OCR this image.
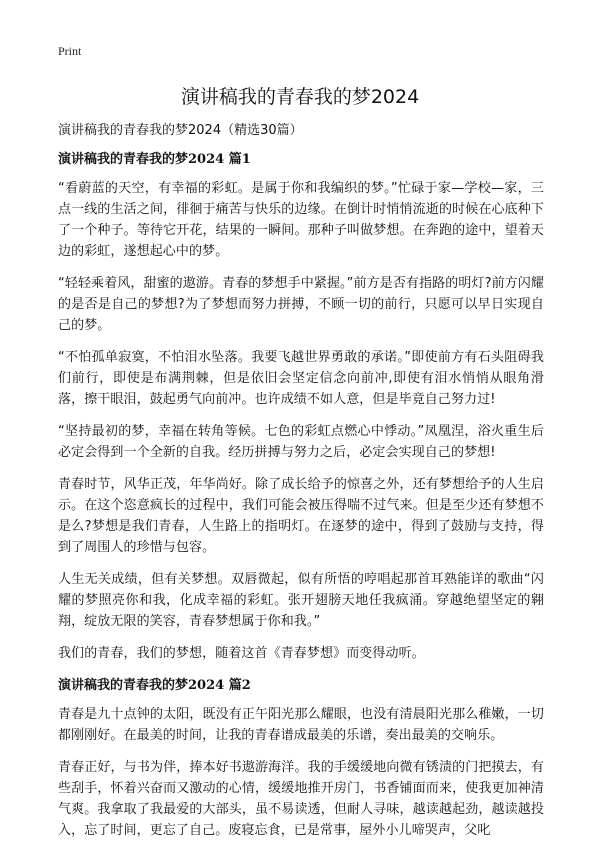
Print
演讲稿我的青春我的梦2024
演讲稿我的青春我的梦2024（精选30篇）
演讲稿我的青春我的梦2024 篇1

“看蔚蓝的天空，有幸福的彩虹。是属于你和我编织的梦。”忙碌于家—学校—家，三点一线的生活之间，徘徊于痛苦与快乐的边缘。在倒计时悄悄流逝的时候在心底种下了一个种子。等待它开花，结果的一瞬间。那种子叫做梦想。在奔跑的途中，望着天边的彩虹，遂想起心中的梦。

“轻轻乘着风，甜蜜的遨游。青春的梦想手中紧握。”前方是否有指路的明灯?前方闪耀的是否是自己的梦想?为了梦想而努力拼搏，不顾一切的前行，只愿可以早日实现自己的梦。

“不怕孤单寂寞，不怕泪水坠落。我要飞越世界勇敢的承诺。”即使前方有石头阻碍我们前行，即使是布满荆棘，但是依旧会坚定信念向前冲,即使有泪水悄悄从眼角滑落，擦干眼泪，鼓起勇气向前冲。也许成绩不如人意，但是毕竟自己努力过!

“坚持最初的梦，幸福在转角等候。七色的彩虹点燃心中悸动。”凤凰涅，浴火重生后必定会得到一个全新的自我。经历拼搏与努力之后，必定会实现自己的梦想!

青春时节，风华正茂，年华尚好。除了成长给予的惊喜之外，还有梦想给予的人生启示。在这个恣意疯长的过程中，我们可能会被压得喘不过气来。但是至少还有梦想不是么?梦想是我们青春，人生路上的指明灯。在逐梦的途中，得到了鼓励与支持，得到了周围人的珍惜与包容。

人生无关成绩，但有关梦想。双唇微起，似有所悟的哼唱起那首耳熟能详的歌曲“闪耀的梦照亮你和我，化成幸福的彩虹。张开翅膀天地任我疯涌。穿越绝望坚定的翱翔，绽放无限的笑容，青春梦想属于你和我。”

我们的青春，我们的梦想，随着这首《青春梦想》而变得动听。

演讲稿我的青春我的梦2024 篇2

青春是九十点钟的太阳，既没有正午阳光那么耀眼，也没有清晨阳光那么稚嫩，一切都刚刚好。在最美的时间，让我的青春谱成最美的乐谱，奏出最美的交响乐。

青春正好，与书为伴，捧本好书遨游海洋。我的手缓缓地向微有锈渍的门把摸去，有些刮手，怀着兴奋而又激动的心情，缓缓地推开房门，书香铺面而来，使我更加神清气爽。我拿取了我最爱的大部头，虽不易读透，但耐人寻味，越读越起劲，越读越投入，忘了时间，更忘了自己。废寝忘食，已是常事，屋外小儿啼哭声，父叱
